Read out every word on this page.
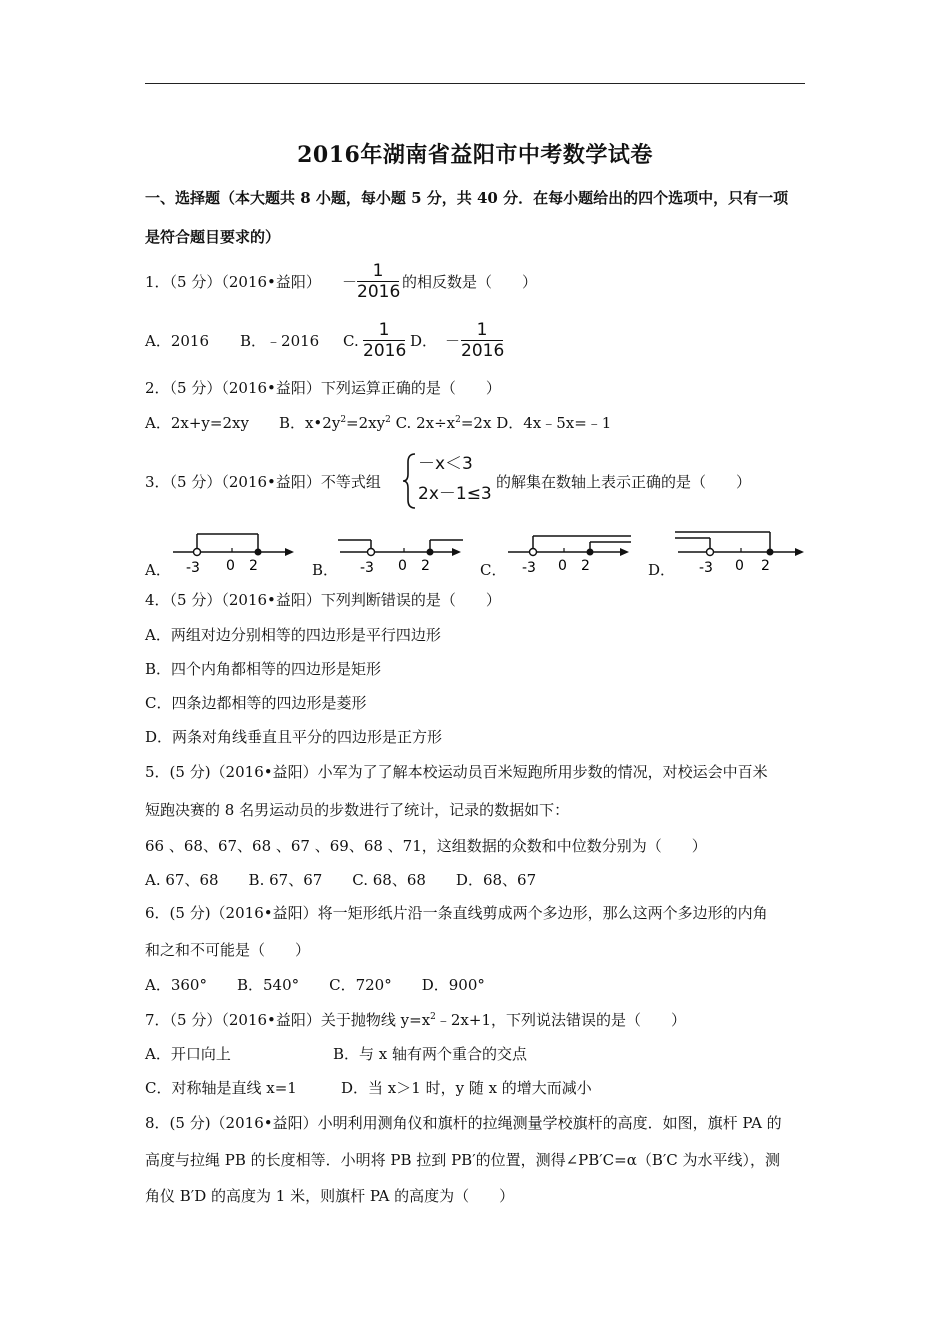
2016年湖南省益阳市中考数学试卷
一、选择题（本大题共 8 小题，每小题 5 分，共 40 分．在每小题给出的四个选项中，只有一项
是符合题目要求的）
1．（5 分）（2016•益阳） －
1
2016 的相反数是（　　）
A．2016 B．﹣2016 C.
1
2016 D． －
1
2016
2．（5 分）（2016•益阳）下列运算正确的是（　　）
A．2x+y=2xy　　 B．$x•2y^2=2xy^2$ C. $2x\div x^2=2x$ D．4x﹣5x=﹣1
3．（5 分）（2016•益阳）不等式组
－x＜3
2x－1≤3
的解集在数轴上表示正确的是（　　）
A． -3 0 2	B． -3 0 2	C． -3 0 2	D． -3 0 2
4．（5 分）（2016•益阳）下列判断错误的是（　　）
A．两组对边分别相等的四边形是平行四边形
B．四个内角都相等的四边形是矩形
C．四条边都相等的四边形是菱形
D．两条对角线垂直且平分的四边形是正方形
5．(5 分)（2016•益阳）小军为了了解本校运动员百米短跑所用步数的情况，对校运会中百米
短跑决赛的 8 名男运动员的步数进行了统计，记录的数据如下：
66 、68、67、68 、67 、69、68 、71，这组数据的众数和中位数分别为（　　）
A. 67、68　　B. 67、67　　C. 68、68　　D．68、67
6．(5 分)（2016•益阳）将一矩形纸片沿一条直线剪成两个多边形，那么这两个多边形的内角
和之和不可能是（　　）
A．360°　　B．540°　　C．720°　　D．900°
7．（5 分）（2016•益阳）关于抛物线 $y=x^2﹣2x+1$，下列说法错误的是（　　）
A．开口向上	B．与 x 轴有两个重合的交点
C．对称轴是直线 x=1	D．当 x＞1 时，y 随 x 的增大而减小
8．(5 分)（2016•益阳）小明利用测角仪和旗杆的拉绳测量学校旗杆的高度．如图，旗杆 PA 的
高度与拉绳 PB 的长度相等．小明将 PB 拉到 PB′的位置，测得∠PB′C=α（B′C 为水平线），测
角仪 B′D 的高度为 1 米，则旗杆 PA 的高度为（　　）
